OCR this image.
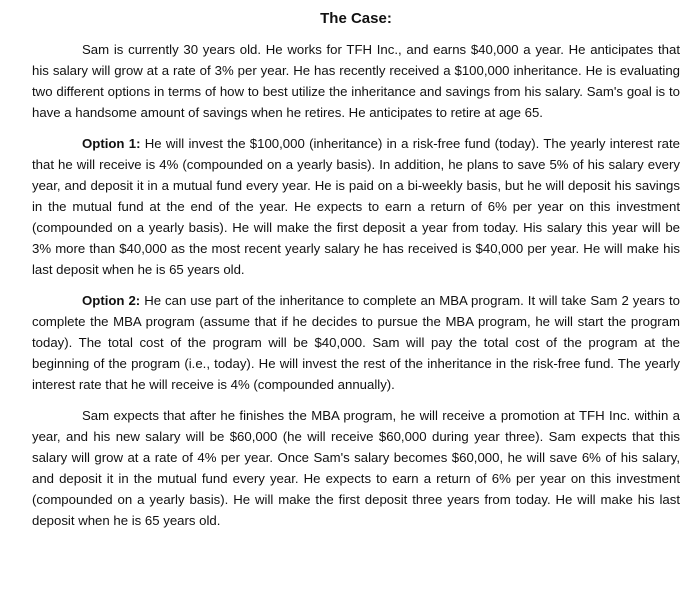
The Case:

Sam is currently 30 years old. He works for TFH Inc., and earns $40,000 a year. He anticipates that his salary will grow at a rate of 3% per year. He has recently received a $100,000 inheritance. He is evaluating two different options in terms of how to best utilize the inheritance and savings from his salary. Sam's goal is to have a handsome amount of savings when he retires. He anticipates to retire at age 65.

Option 1: He will invest the $100,000 (inheritance) in a risk-free fund (today). The yearly interest rate that he will receive is 4% (compounded on a yearly basis). In addition, he plans to save 5% of his salary every year, and deposit it in a mutual fund every year. He is paid on a bi-weekly basis, but he will deposit his savings in the mutual fund at the end of the year. He expects to earn a return of 6% per year on this investment (compounded on a yearly basis). He will make the first deposit a year from today. His salary this year will be 3% more than $40,000 as the most recent yearly salary he has received is $40,000 per year. He will make his last deposit when he is 65 years old.

Option 2: He can use part of the inheritance to complete an MBA program. It will take Sam 2 years to complete the MBA program (assume that if he decides to pursue the MBA program, he will start the program today). The total cost of the program will be $40,000. Sam will pay the total cost of the program at the beginning of the program (i.e., today). He will invest the rest of the inheritance in the risk-free fund. The yearly interest rate that he will receive is 4% (compounded annually).

Sam expects that after he finishes the MBA program, he will receive a promotion at TFH Inc. within a year, and his new salary will be $60,000 (he will receive $60,000 during year three). Sam expects that this salary will grow at a rate of 4% per year. Once Sam's salary becomes $60,000, he will save 6% of his salary, and deposit it in the mutual fund every year. He expects to earn a return of 6% per year on this investment (compounded on a yearly basis). He will make the first deposit three years from today. He will make his last deposit when he is 65 years old.
